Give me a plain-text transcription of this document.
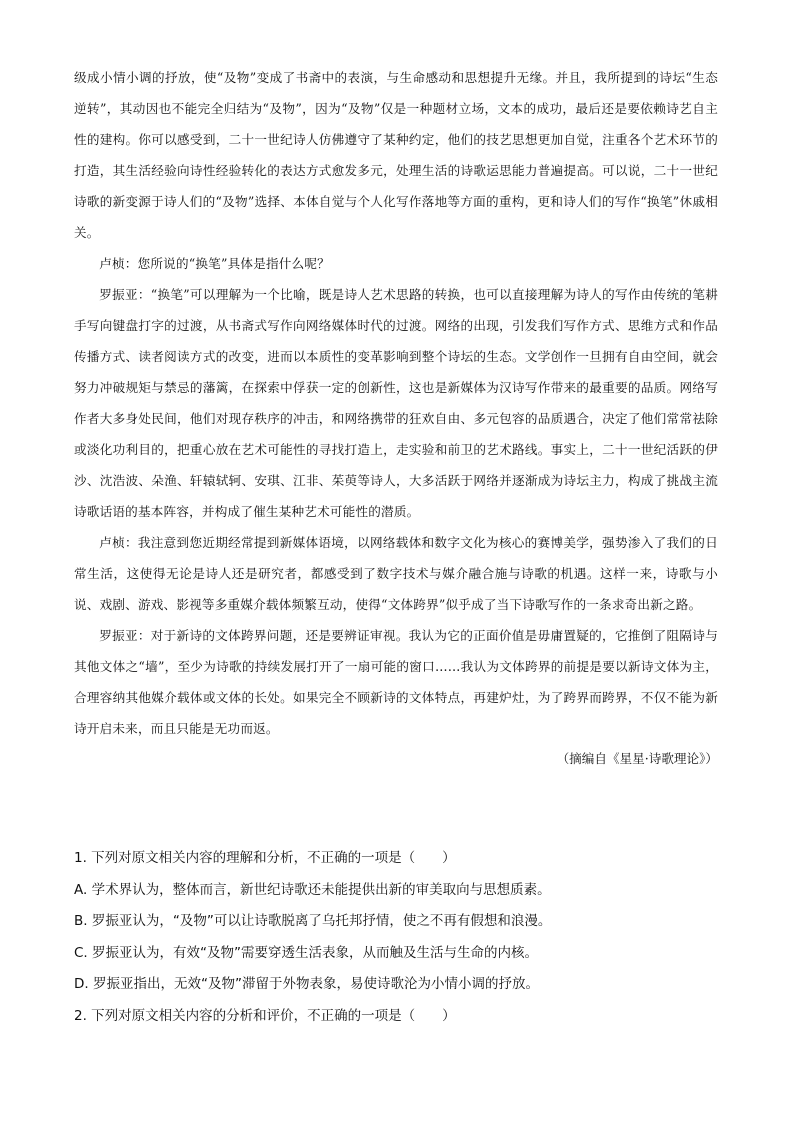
级成小情小调的抒放，使“及物”变成了书斋中的表演，与生命感动和思想提升无缘。并且，我所提到的诗坛“生态逆转”，其动因也不能完全归结为“及物”，因为“及物”仅是一种题材立场，文本的成功，最后还是要依赖诗艺自主性的建构。你可以感受到，二十一世纪诗人仿佛遵守了某种约定，他们的技艺思想更加自觉，注重各个艺术环节的打造，其生活经验向诗性经验转化的表达方式愈发多元，处理生活的诗歌运思能力普遍提高。可以说，二十一世纪诗歌的新变源于诗人们的“及物”选择、本体自觉与个人化写作落地等方面的重构，更和诗人们的写作“换笔”休戚相关。

卢桢：您所说的“换笔”具体是指什么呢？

罗振亚：“换笔”可以理解为一个比喻，既是诗人艺术思路的转换，也可以直接理解为诗人的写作由传统的笔耕手写向键盘打字的过渡，从书斋式写作向网络媒体时代的过渡。网络的出现，引发我们写作方式、思维方式和作品传播方式、读者阅读方式的改变，进而以本质性的变革影响到整个诗坛的生态。文学创作一旦拥有自由空间，就会努力冲破规矩与禁忌的藩篱，在探索中俘获一定的创新性，这也是新媒体为汉诗写作带来的最重要的品质。网络写作者大多身处民间，他们对现存秩序的冲击，和网络携带的狂欢自由、多元包容的品质遇合，决定了他们常常祛除或淡化功利目的，把重心放在艺术可能性的寻找打造上，走实验和前卫的艺术路线。事实上，二十一世纪活跃的伊沙、沈浩波、朵渔、轩辕轼轲、安琪、江非、茱萸等诗人，大多活跃于网络并逐渐成为诗坛主力，构成了挑战主流诗歌话语的基本阵容，并构成了催生某种艺术可能性的潜质。

卢桢：我注意到您近期经常提到新媒体语境，以网络载体和数字文化为核心的赛博美学，强势渗入了我们的日常生活，这使得无论是诗人还是研究者，都感受到了数字技术与媒介融合施与诗歌的机遇。这样一来，诗歌与小说、戏剧、游戏、影视等多重媒介载体频繁互动，使得“文体跨界”似乎成了当下诗歌写作的一条求奇出新之路。

罗振亚：对于新诗的文体跨界问题，还是要辨证审视。我认为它的正面价值是毋庸置疑的，它推倒了阻隔诗与其他文体之“墙”，至少为诗歌的持续发展打开了一扇可能的窗口……我认为文体跨界的前提是要以新诗文体为主，合理容纳其他媒介载体或文体的长处。如果完全不顾新诗的文体特点，再建炉灶，为了跨界而跨界，不仅不能为新诗开启未来，而且只能是无功而返。

（摘编自《星星·诗歌理论》）

1. 下列对原文相关内容的理解和分析，不正确的一项是（　　）

A. 学术界认为，整体而言，新世纪诗歌还未能提供出新的审美取向与思想质素。

B. 罗振亚认为，“及物”可以让诗歌脱离了乌托邦抒情，使之不再有假想和浪漫。

C. 罗振亚认为，有效“及物”需要穿透生活表象，从而触及生活与生命的内核。

D. 罗振亚指出，无效“及物”滞留于外物表象，易使诗歌沦为小情小调的抒放。

2. 下列对原文相关内容的分析和评价，不正确的一项是（　　）
